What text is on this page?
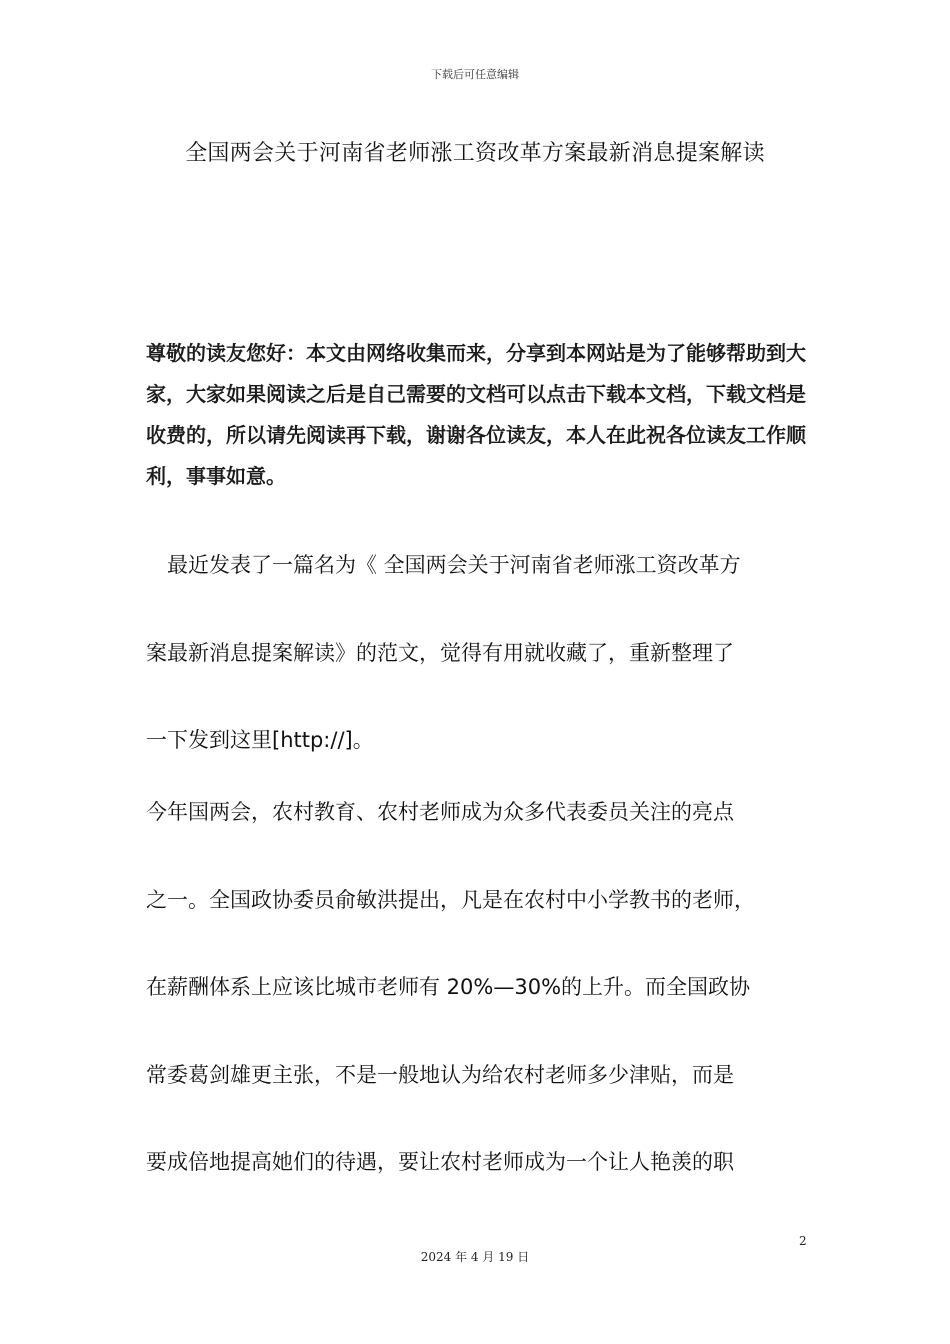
下载后可任意编辑
全国两会关于河南省老师涨工资改革方案最新消息提案解读
尊敬的读友您好：本文由网络收集而来，分享到本网站是为了能够帮助到大
家，大家如果阅读之后是自己需要的文档可以点击下载本文档，下载文档是
收费的，所以请先阅读再下载，谢谢各位读友，本人在此祝各位读友工作顺
利，事事如意。
　最近发表了一篇名为《 全国两会关于河南省老师涨工资改革方
案最新消息提案解读》的范文，觉得有用就收藏了，重新整理了
一下发到这里[http://]。
今年国两会，农村教育、农村老师成为众多代表委员关注的亮点
之一。全国政协委员俞敏洪提出，凡是在农村中小学教书的老师，
在薪酬体系上应该比城市老师有 20%—30%的上升。而全国政协
常委葛剑雄更主张，不是一般地认为给农村老师多少津贴，而是
要成倍地提高她们的待遇，要让农村老师成为一个让人艳羡的职
2
2024 年 4 月 19 日
